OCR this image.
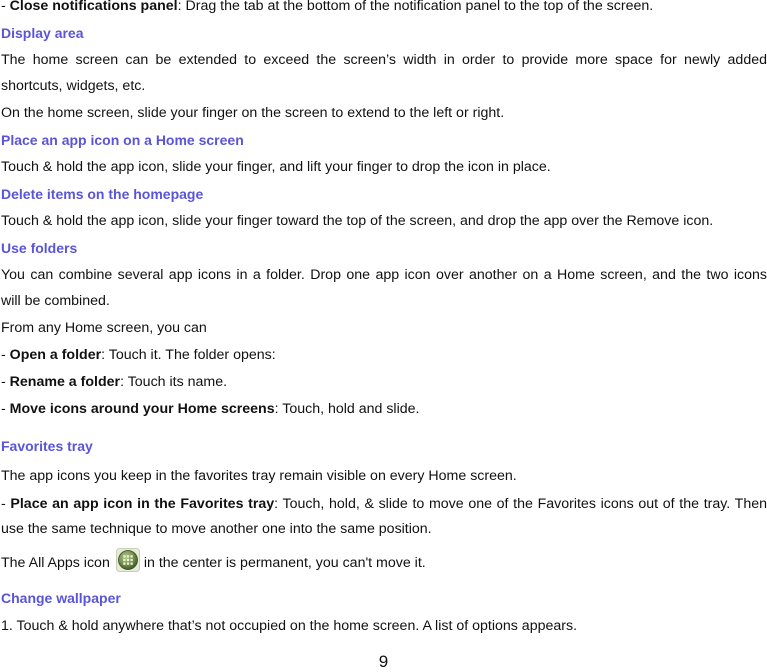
- Close notifications panel: Drag the tab at the bottom of the notification panel to the top of the screen.
Display area
The home screen can be extended to exceed the screen’s width in order to provide more space for newly added
shortcuts, widgets, etc.
On the home screen, slide your finger on the screen to extend to the left or right.
Place an app icon on a Home screen
Touch & hold the app icon, slide your finger, and lift your finger to drop the icon in place.
Delete items on the homepage
Touch & hold the app icon, slide your finger toward the top of the screen, and drop the app over the Remove icon.
Use folders
You can combine several app icons in a folder. Drop one app icon over another on a Home screen, and the two icons
will be combined.
From any Home screen, you can
- Open a folder: Touch it. The folder opens:
- Rename a folder: Touch its name.
- Move icons around your Home screens: Touch, hold and slide.
Favorites tray
The app icons you keep in the favorites tray remain visible on every Home screen.
- Place an app icon in the Favorites tray: Touch, hold, & slide to move one of the Favorites icons out of the tray. Then
use the same technique to move another one into the same position.
The All Apps icon in the center is permanent, you can't move it.
Change wallpaper
1. Touch & hold anywhere that’s not occupied on the home screen. A list of options appears.
9
